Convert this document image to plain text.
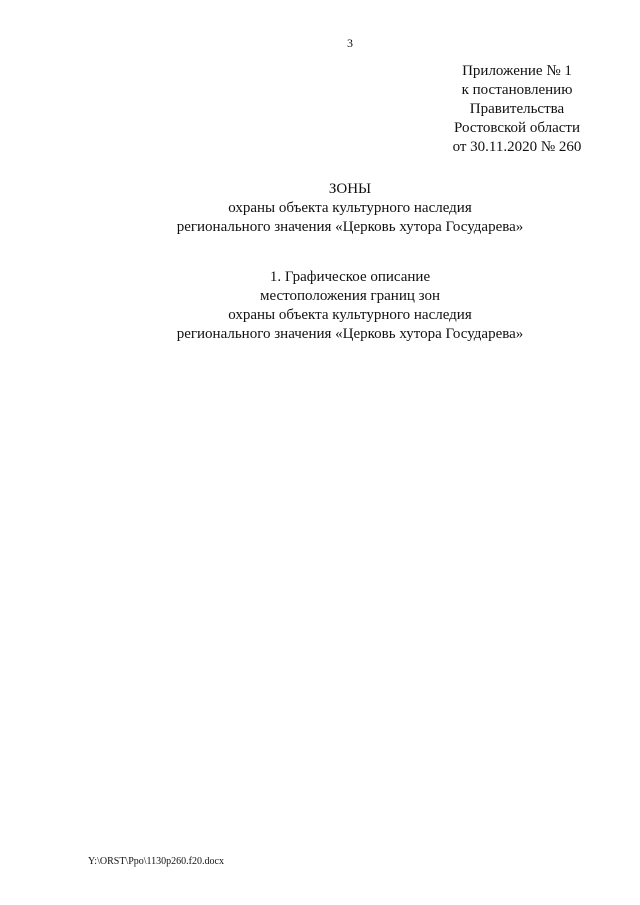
3
Приложение № 1
к постановлению
Правительства
Ростовской области
от 30.11.2020 № 260
ЗОНЫ
охраны объекта культурного наследия
регионального значения «Церковь хутора Государева»
1. Графическое описание
местоположения границ зон
охраны объекта культурного наследия
регионального значения «Церковь хутора Государева»
Y:\ORST\Ppo\1130p260.f20.docx
